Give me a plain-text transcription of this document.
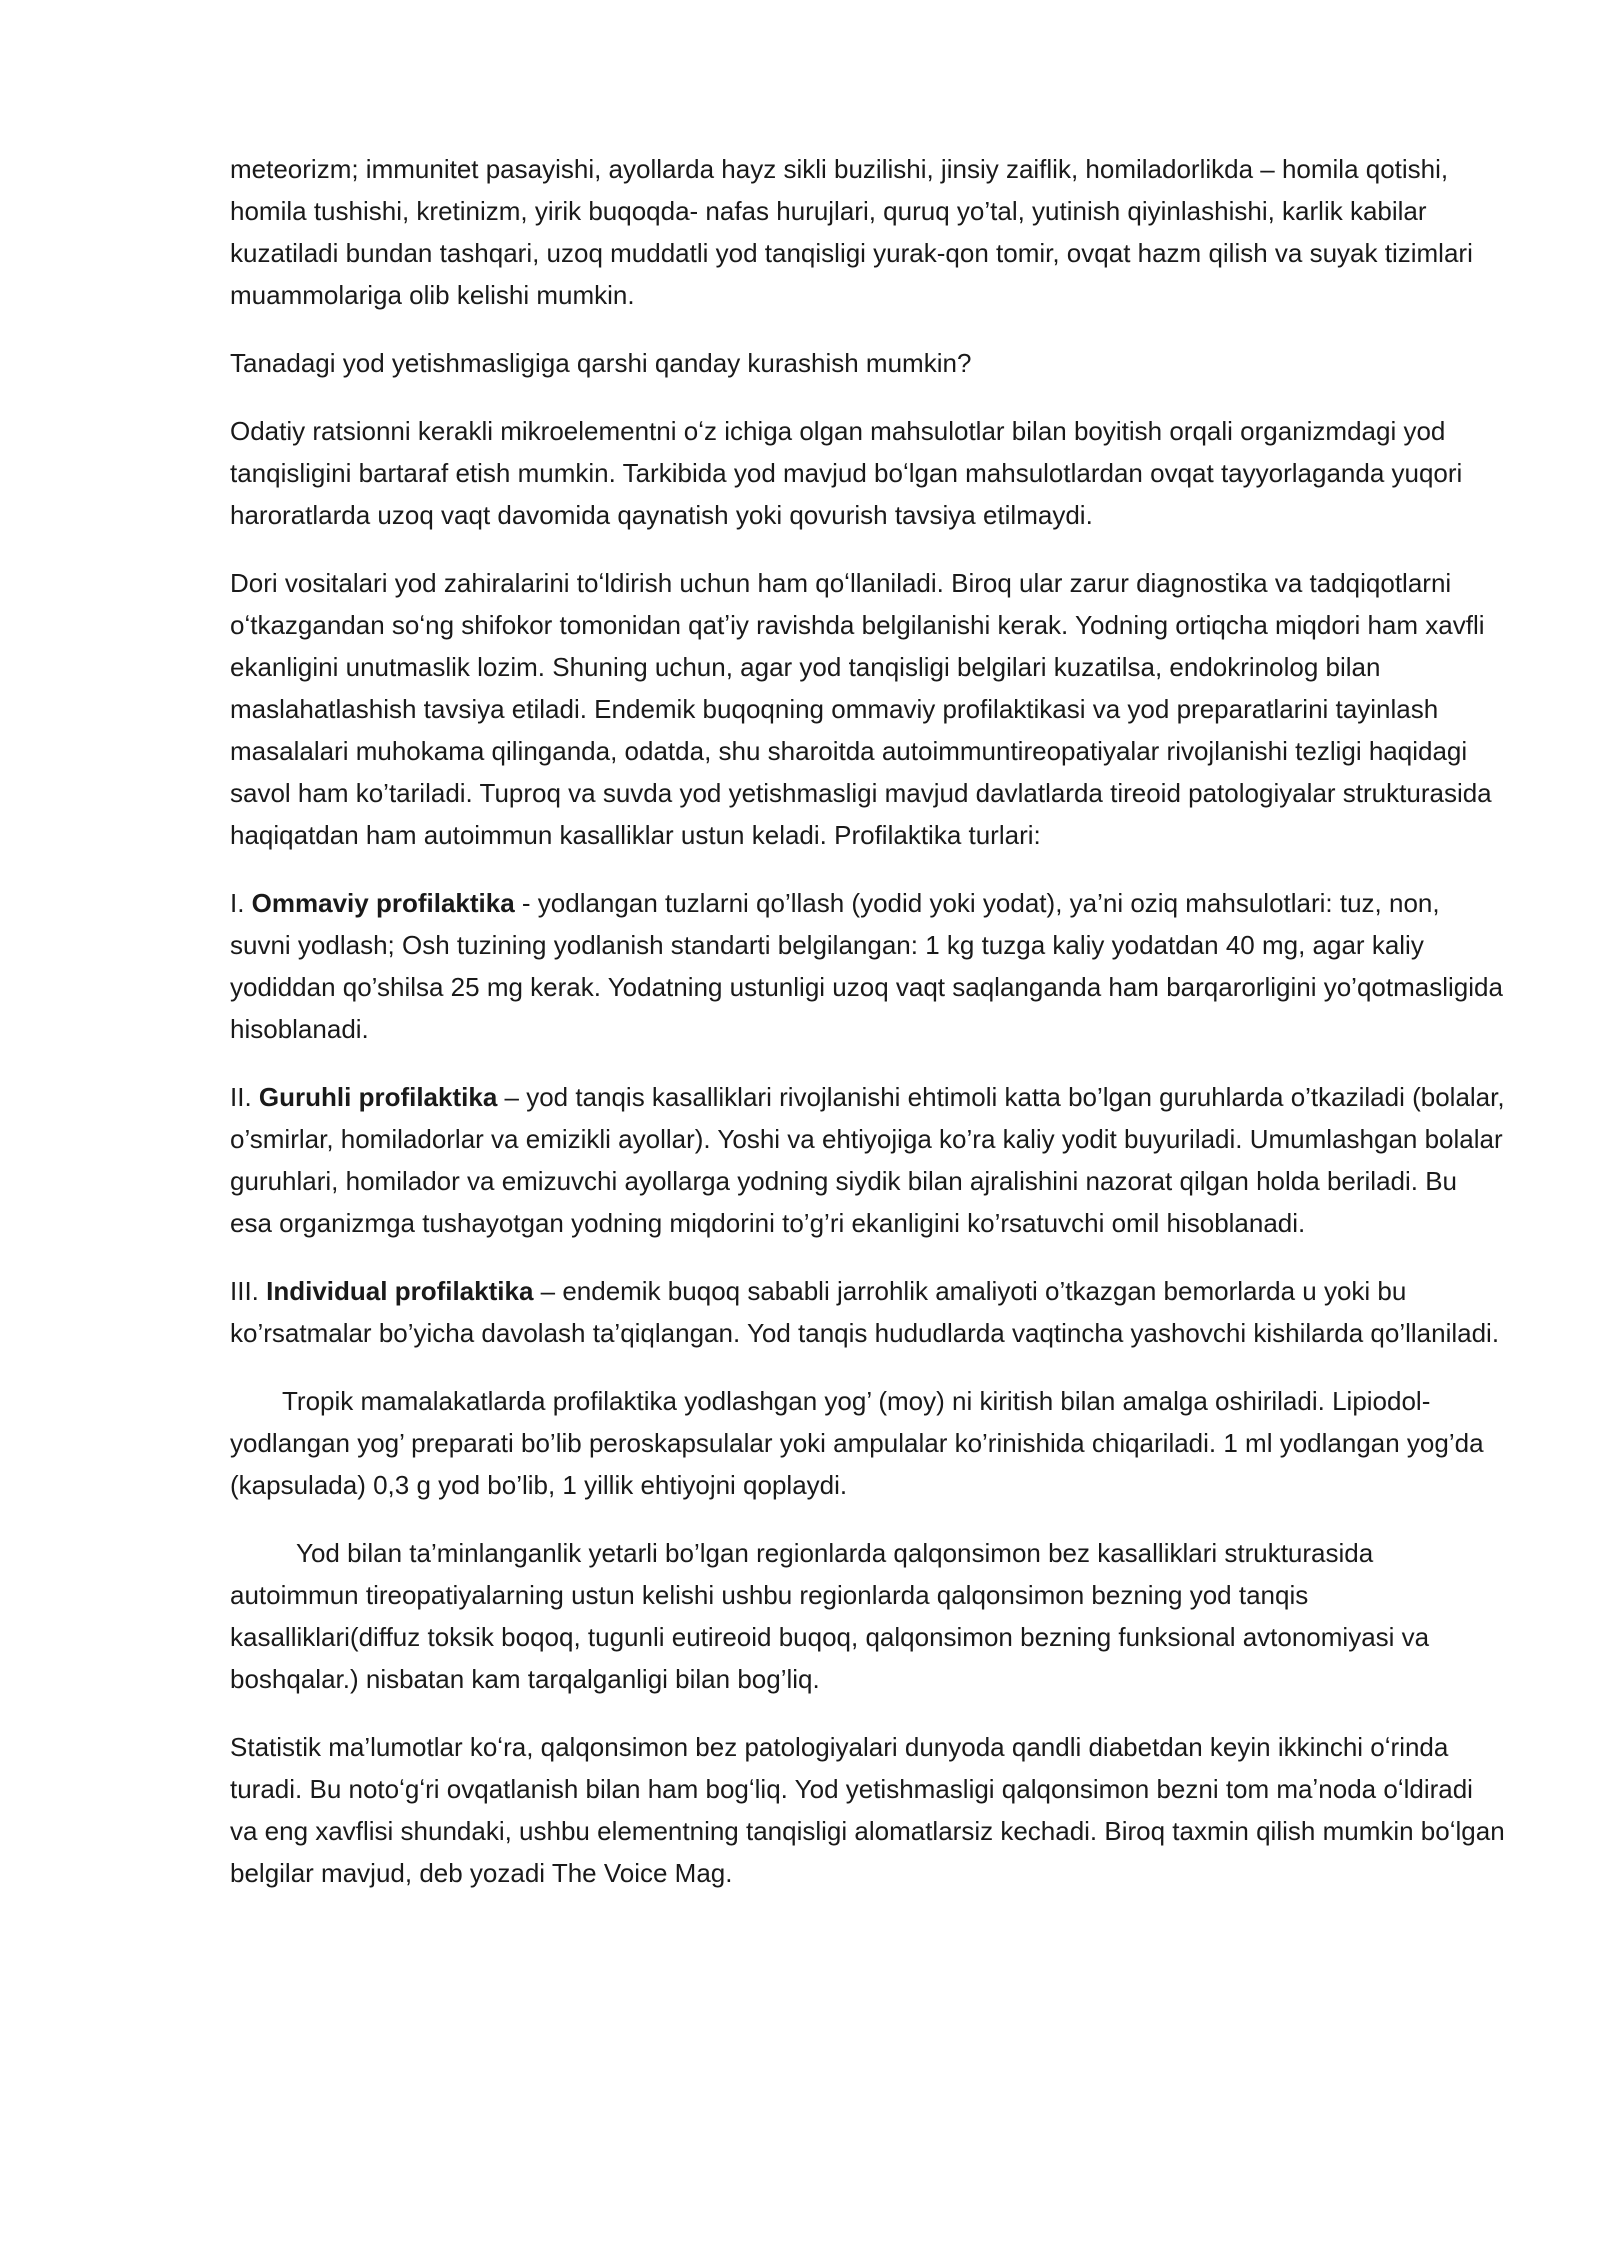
meteorizm; immunitet pasayishi, ayollarda hayz sikli buzilishi, jinsiy zaiflik, homiladorlikda – homila qotishi, homila tushishi, kretinizm, yirik buqoqda- nafas hurujlari, quruq yo’tal, yutinish qiyinlashishi, karlik kabilar kuzatiladi bundan tashqari, uzoq muddatli yod tanqisligi yurak-qon tomir, ovqat hazm qilish va suyak tizimlari muammolariga olib kelishi mumkin.

Tanadagi yod yetishmasligiga qarshi qanday kurashish mumkin?

Odatiy ratsionni kerakli mikroelementni oʻz ichiga olgan mahsulotlar bilan boyitish orqali organizmdagi yod tanqisligini bartaraf etish mumkin. Tarkibida yod mavjud boʻlgan mahsulotlardan ovqat tayyorlaganda yuqori haroratlarda uzoq vaqt davomida qaynatish yoki qovurish tavsiya etilmaydi.

Dori vositalari yod zahiralarini toʻldirish uchun ham qoʻllaniladi. Biroq ular zarur diagnostika va tadqiqotlarni oʻtkazgandan soʻng shifokor tomonidan qatʼiy ravishda belgilanishi kerak. Yodning ortiqcha miqdori ham xavfli ekanligini unutmaslik lozim. Shuning uchun, agar yod tanqisligi belgilari kuzatilsa, endokrinolog bilan maslahatlashish tavsiya etiladi. Endemik buqoqning ommaviy profilaktikasi va yod preparatlarini tayinlash masalalari muhokama qilinganda, odatda, shu sharoitda autoimmuntireopatiyalar rivojlanishi tezligi haqidagi savol ham ko’tariladi. Tuproq va suvda yod yetishmasligi mavjud davlatlarda tireoid patologiyalar strukturasida haqiqatdan ham autoimmun kasalliklar ustun keladi. Profilaktika turlari:

I. Ommaviy profilaktika - yodlangan tuzlarni qo’llash (yodid yoki yodat), ya’ni oziq mahsulotlari: tuz, non, suvni yodlash; Osh tuzining yodlanish standarti belgilangan: 1 kg tuzga kaliy yodatdan 40 mg, agar kaliy yodiddan qo’shilsa 25 mg kerak. Yodatning ustunligi uzoq vaqt saqlanganda ham barqarorligini yo’qotmasligida hisoblanadi.

II. Guruhli profilaktika – yod tanqis kasalliklari rivojlanishi ehtimoli katta bo’lgan guruhlarda o’tkaziladi (bolalar, o’smirlar, homiladorlar va emizikli ayollar). Yoshi va ehtiyojiga ko’ra kaliy yodit buyuriladi. Umumlashgan bolalar guruhlari, homilador va emizuvchi ayollarga yodning siydik bilan ajralishini nazorat qilgan holda beriladi. Bu esa organizmga tushayotgan yodning miqdorini to’g’ri ekanligini ko’rsatuvchi omil hisoblanadi.

III. Individual profilaktika – endemik buqoq sababli jarrohlik amaliyoti o’tkazgan bemorlarda u yoki bu ko’rsatmalar bo’yicha davolash ta’qiqlangan. Yod tanqis hududlarda vaqtincha yashovchi kishilarda qo’llaniladi.

Tropik mamalakatlarda profilaktika yodlashgan yog’ (moy) ni kiritish bilan amalga oshiriladi. Lipiodol- yodlangan yog’ preparati bo’lib peroskapsulalar yoki ampulalar ko’rinishida chiqariladi. 1 ml yodlangan yog’da (kapsulada) 0,3 g yod bo’lib, 1 yillik ehtiyojni qoplaydi.

Yod bilan ta’minlanganlik yetarli bo’lgan regionlarda qalqonsimon bez kasalliklari strukturasida autoimmun tireopatiyalarning ustun kelishi ushbu regionlarda qalqonsimon bezning yod tanqis kasalliklari(diffuz toksik boqoq, tugunli eutireoid buqoq, qalqonsimon bezning funksional avtonomiyasi va boshqalar.) nisbatan kam tarqalganligi bilan bog’liq.

Statistik ma’lumotlar koʻra, qalqonsimon bez patologiyalari dunyoda qandli diabetdan keyin ikkinchi oʻrinda turadi. Bu notoʻgʻri ovqatlanish bilan ham bogʻliq. Yod yetishmasligi qalqonsimon bezni tom maʼnoda oʻldiradi va eng xavflisi shundaki, ushbu elementning tanqisligi alomatlarsiz kechadi. Biroq taxmin qilish mumkin boʻlgan belgilar mavjud, deb yozadi The Voice Mag.
